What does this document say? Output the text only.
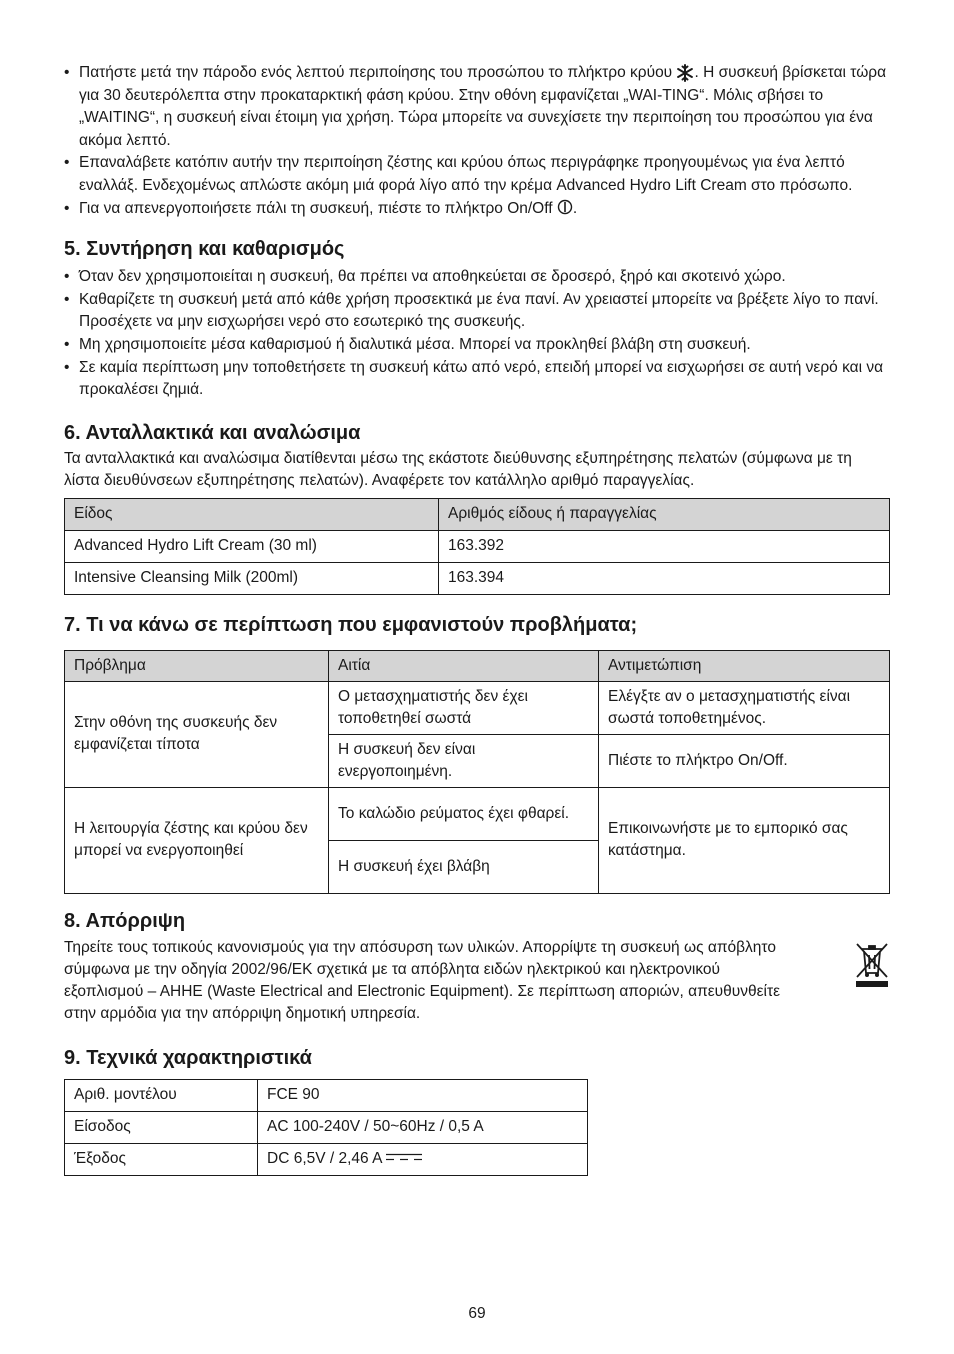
• Πατήστε μετά την πάροδο ενός λεπτού περιποίησης του προσώπου το πλήκτρο κρύου . Η συσκευή βρίσκεται τώρα για 30 δευτερόλεπτα στην προκαταρκτική φάση κρύου. Στην οθόνη εμφανίζεται „WAI-TING“. Μόλις σβήσει το „WAITING“, η συσκευή είναι έτοιμη για χρήση. Τώρα μπορείτε να συνεχίσετε την περιποίηση του προσώπου για ένα ακόμα λεπτό.
• Επαναλάβετε κατόπιν αυτήν την περιποίηση ζέστης και κρύου όπως περιγράφηκε προηγουμένως για ένα λεπτό εναλλάξ. Ενδεχομένως απλώστε ακόμη μιά φορά λίγο από την κρέμα Advanced Hydro Lift Cream στο πρόσωπο.
• Για να απενεργοποιήσετε πάλι τη συσκευή, πιέστε το πλήκτρο On/Off .
5. Συντήρηση και καθαρισμός
• Όταν δεν χρησιμοποιείται η συσκευή, θα πρέπει να αποθηκεύεται σε δροσερό, ξηρό και σκοτεινό χώρο.
• Καθαρίζετε τη συσκευή μετά από κάθε χρήση προσεκτικά με ένα πανί. Αν χρειαστεί μπορείτε να βρέξετε λίγο το πανί. Προσέχετε να μην εισχωρήσει νερό στο εσωτερικό της συσκευής.
• Μη χρησιμοποιείτε μέσα καθαρισμού ή διαλυτικά μέσα. Μπορεί να προκληθεί βλάβη στη συσκευή.
• Σε καμία περίπτωση μην τοποθετήσετε τη συσκευή κάτω από νερό, επειδή μπορεί να εισχωρήσει σε αυτή νερό και να προκαλέσει ζημιά.
6. Ανταλλακτικά και αναλώσιμα

Τα ανταλλακτικά και αναλώσιμα διατίθενται μέσω της εκάστοτε διεύθυνσης εξυπηρέτησης πελατών (σύμφωνα με τη λίστα διευθύνσεων εξυπηρέτησης πελατών). Αναφέρετε τον κατάλληλο αριθμό παραγγελίας.

Είδος	Αριθμός είδους ή παραγγελίας
Advanced Hydro Lift Cream (30 ml)	163.392
Intensive Cleansing Milk (200ml)	163.394
7. Τι να κάνω σε περίπτωση που εμφανιστούν προβλήματα;
Πρόβλημα	Αιτία	Αντιμετώπιση
Στην οθόνη της συσκευής δεν εμφανίζεται τίποτα	Ο μετασχηματιστής δεν έχει τοποθετηθεί σωστά	Ελέγξτε αν ο μετασχηματιστής είναι σωστά τοποθετημένος.
	Η συσκευή δεν είναι ενεργοποιημένη.	Πιέστε το πλήκτρο On/Off.
Η λειτουργία ζέστης και κρύου δεν μπορεί να ενεργοποιηθεί	Το καλώδιο ρεύματος έχει φθαρεί.	Επικοινωνήστε με το εμπορικό σας κατάστημα.
	Η συσκευή έχει βλάβη	
8. Απόρριψη

Τηρείτε τους τοπικούς κανονισμούς για την απόσυρση των υλικών. Απορρίψτε τη συσκευή ως απόβλητο σύμφωνα με την οδηγία 2002/96/ΕΚ σχετικά με τα απόβλητα ειδών ηλεκτρικού και ηλεκτρονικού εξοπλισμού – ΑΗΗΕ (Waste Electrical and Electronic Equipment). Σε περίπτωση αποριών, απευθυνθείτε στην αρμόδια για την απόρριψη δημοτική υπηρεσία.

9. Τεχνικά χαρακτηριστικά
Αριθ. μοντέλου	FCE 90
Είσοδος	AC 100-240V / 50~60Hz / 0,5 A
Έξοδος	DC 6,5V / 2,46 A
69
